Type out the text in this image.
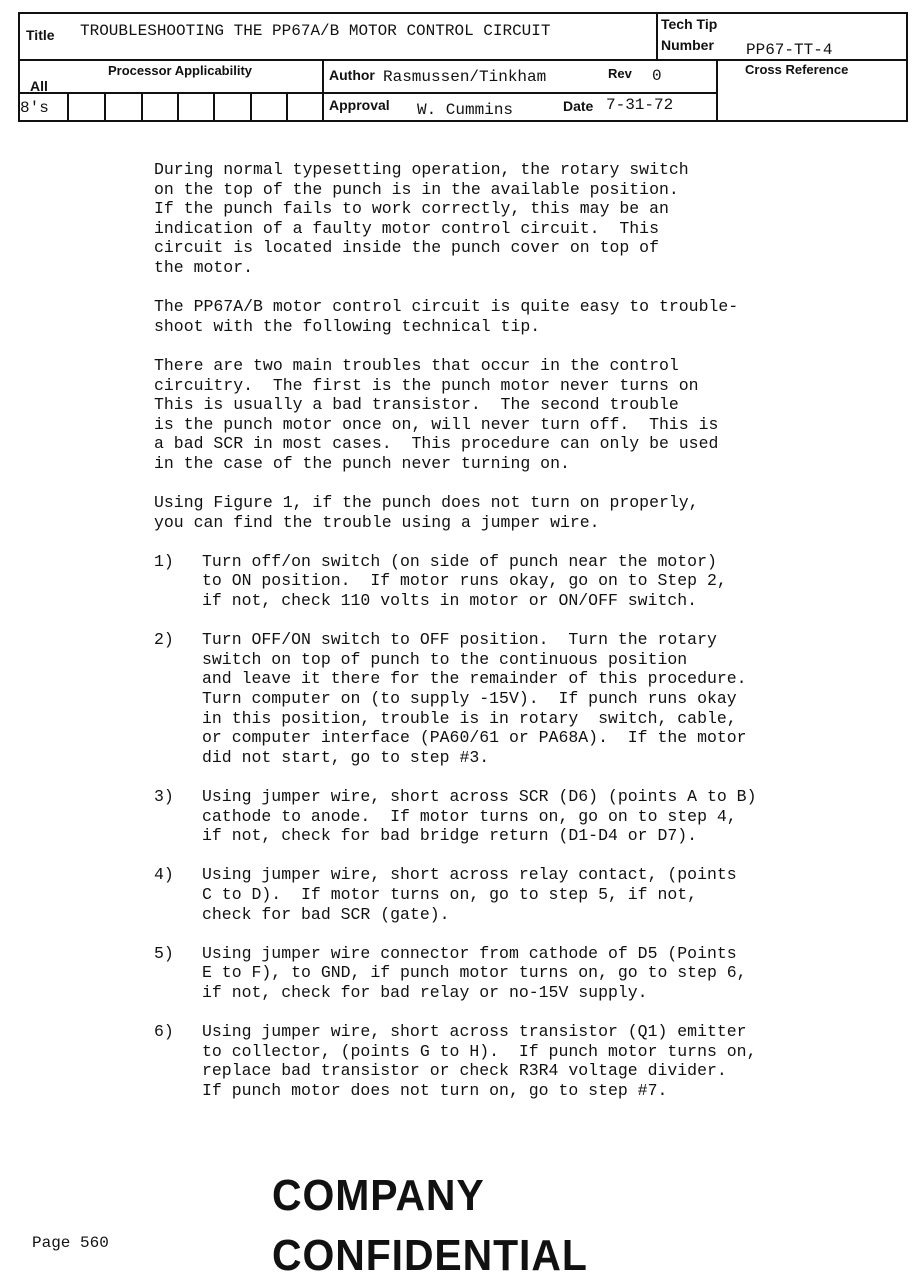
Title TROUBLESHOOTING THE PP67A/B MOTOR CONTROL CIRCUIT	Tech Tip
Number PP67-TT-4
Processor Applicability
All
8's
Author Rasmussen/Tinkham	Rev 0
Approval W. Cummins	Date 7-31-72
Cross Reference

During normal typesetting operation, the rotary switch
on the top of the punch is in the available position.
If the punch fails to work correctly, this may be an
indication of a faulty motor control circuit.  This
circuit is located inside the punch cover on top of
the motor.

The PP67A/B motor control circuit is quite easy to trouble-
shoot with the following technical tip.

There are two main troubles that occur in the control
circuitry.  The first is the punch motor never turns on
This is usually a bad transistor.  The second trouble
is the punch motor once on, will never turn off.  This is
a bad SCR in most cases.  This procedure can only be used
in the case of the punch never turning on.

Using Figure 1, if the punch does not turn on properly,
you can find the trouble using a jumper wire.

1) Turn off/on switch (on side of punch near the motor)
to ON position.  If motor runs okay, go on to Step 2,
if not, check 110 volts in motor or ON/OFF switch.
2) Turn OFF/ON switch to OFF position.  Turn the rotary
switch on top of punch to the continuous position
and leave it there for the remainder of this procedure.
Turn computer on (to supply -15V).  If punch runs okay
in this position, trouble is in rotary  switch, cable,
or computer interface (PA60/61 or PA68A).  If the motor
did not start, go to step #3.
3) Using jumper wire, short across SCR (D6) (points A to B)
cathode to anode.  If motor turns on, go on to step 4,
if not, check for bad bridge return (D1-D4 or D7).
4) Using jumper wire, short across relay contact, (points
C to D).  If motor turns on, go to step 5, if not,
check for bad SCR (gate).
5) Using jumper wire connector from cathode of D5 (Points
E to F), to GND, if punch motor turns on, go to step 6,
if not, check for bad relay or no-15V supply.
6) Using jumper wire, short across transistor (Q1) emitter
to collector, (points G to H).  If punch motor turns on,
replace bad transistor or check R3R4 voltage divider.
If punch motor does not turn on, go to step #7.
COMPANY CONFIDENTIAL
Page 560
